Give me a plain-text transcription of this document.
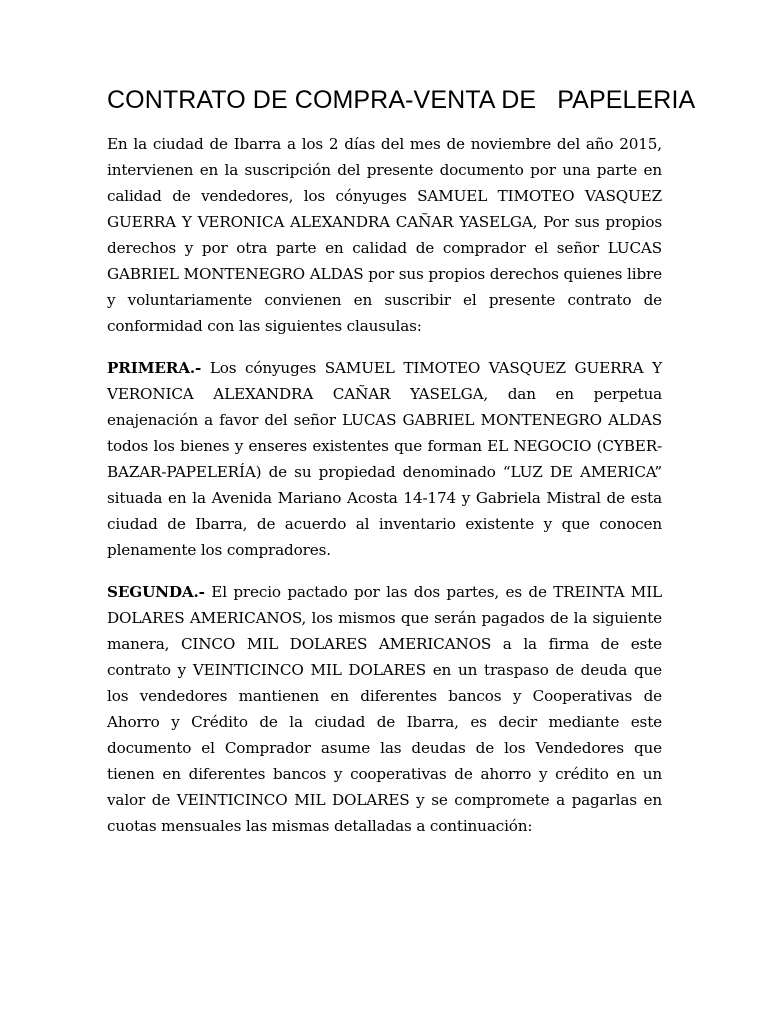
CONTRATO DE COMPRA-VENTA DE   PAPELERIA

En la ciudad de Ibarra a los 2 días del mes de noviembre del año 2015, intervienen en la suscripción del presente documento por una parte en calidad de vendedores, los cónyuges SAMUEL TIMOTEO VASQUEZ GUERRA Y VERONICA ALEXANDRA CAÑAR YASELGA, Por sus propios derechos y por otra parte en calidad de comprador el señor LUCAS GABRIEL MONTENEGRO ALDAS por sus propios derechos quienes libre y voluntariamente convienen en suscribir el presente contrato de conformidad con las siguientes clausulas:

PRIMERA.- Los cónyuges SAMUEL TIMOTEO VASQUEZ GUERRA Y VERONICA ALEXANDRA CAÑAR YASELGA, dan en perpetua enajenación a favor del señor LUCAS GABRIEL MONTENEGRO ALDAS todos los bienes y enseres existentes que forman EL NEGOCIO (CYBER-BAZAR-PAPELERÍA) de su propiedad denominado “LUZ DE AMERICA” situada en la Avenida Mariano Acosta 14-174 y Gabriela Mistral de esta ciudad de Ibarra, de acuerdo al inventario existente y que conocen plenamente los compradores.

SEGUNDA.- El precio pactado por las dos partes, es de TREINTA MIL DOLARES AMERICANOS, los mismos que serán pagados de la siguiente manera, CINCO MIL DOLARES AMERICANOS a la firma de este contrato y VEINTICINCO MIL DOLARES en un traspaso de deuda que los vendedores mantienen en diferentes bancos y Cooperativas de Ahorro y Crédito de la ciudad de Ibarra, es decir mediante este documento el Comprador asume las deudas de los Vendedores que tienen en diferentes bancos y cooperativas de ahorro y crédito en un valor de VEINTICINCO MIL DOLARES y se compromete a pagarlas en cuotas mensuales las mismas detalladas a continuación:
